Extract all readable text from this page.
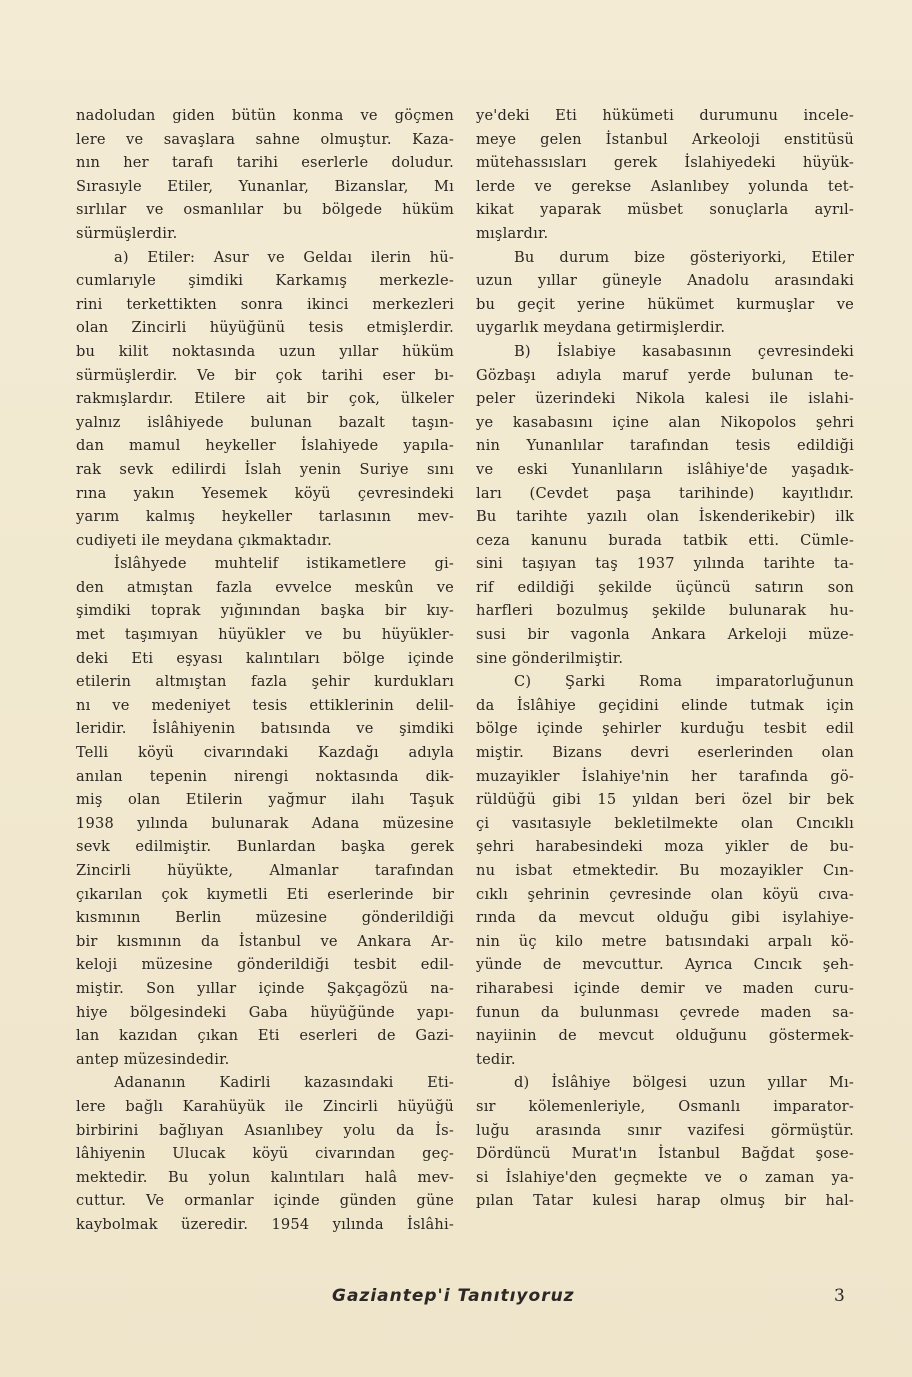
nadoludan giden bütün konma ve göçmen
lere ve savaşlara sahne olmuştur. Kaza-
nın her tarafı tarihi eserlerle doludur.
Sırasıyle Etiler, Yunanlar, Bizanslar, Mı
sırlılar ve osmanlılar bu bölgede hüküm
sürmüşlerdir.
a) Etiler: Asur ve Geldaı ilerin hü-
cumlarıyle şimdiki Karkamış merkezle-
rini terkettikten sonra ikinci merkezleri
olan Zincirli hüyüğünü tesis etmişlerdir.
bu kilit noktasında uzun yıllar hüküm
sürmüşlerdir. Ve bir çok tarihi eser bı-
rakmışlardır. Etilere ait bir çok, ülkeler
yalnız islâhiyede bulunan bazalt taşın-
dan mamul heykeller İslahiyede yapıla-
rak sevk edilirdi İslah yenin Suriye sını
rına yakın Yesemek köyü çevresindeki
yarım kalmış heykeller tarlasının mev-
cudiyeti ile meydana çıkmaktadır.
İslâhyede muhtelif istikametlere gi-
den atmıştan fazla evvelce meskûn ve
şimdiki toprak yığınından başka bir kıy-
met taşımıyan hüyükler ve bu hüyükler-
deki Eti eşyası kalıntıları bölge içinde
etilerin altmıştan fazla şehir kurdukları
nı ve medeniyet tesis ettiklerinin delil-
leridir. İslâhiyenin batısında ve şimdiki
Telli köyü civarındaki Kazdağı adıyla
anılan tepenin nirengi noktasında dik-
miş olan Etilerin yağmur ilahı Taşuk
1938 yılında bulunarak Adana müzesine
sevk edilmiştir. Bunlardan başka gerek
Zincirli hüyükte, Almanlar tarafından
çıkarılan çok kıymetli Eti eserlerinde bir
kısmının Berlin müzesine gönderildiği
bir kısmının da İstanbul ve Ankara Ar-
keloji müzesine gönderildiği tesbit edil-
miştir. Son yıllar içinde Şakçagözü na-
hiye bölgesindeki Gaba hüyüğünde yapı-
lan kazıdan çıkan Eti eserleri de Gazi-
antep müzesindedir.
Adananın Kadirli kazasındaki Eti-
lere bağlı Karahüyük ile Zincirli hüyüğü
birbirini bağlıyan Asıanlıbey yolu da İs-
lâhiyenin Ulucak köyü civarından geç-
mektedir. Bu yolun kalıntıları halâ mev-
cuttur. Ve ormanlar içinde günden güne
kaybolmak üzeredir. 1954 yılında İslâhi-
ye'deki Eti hükümeti durumunu incele-
meye gelen İstanbul Arkeoloji enstitüsü
mütehassısları gerek İslahiyedeki hüyük-
lerde ve gerekse Aslanlıbey yolunda tet-
kikat yaparak müsbet sonuçlarla ayrıl-
mışlardır.
Bu durum bize gösteriyorki, Etiler
uzun yıllar güneyle Anadolu arasındaki
bu geçit yerine hükümet kurmuşlar ve
uygarlık meydana getirmişlerdir.
B) İslabiye kasabasının çevresindeki
Gözbaşı adıyla maruf yerde bulunan te-
peler üzerindeki Nikola kalesi ile islahi-
ye kasabasını içine alan Nikopolos şehri
nin Yunanlılar tarafından tesis edildiği
ve eski Yunanlıların islâhiye'de yaşadık-
ları (Cevdet paşa tarihinde) kayıtlıdır.
Bu tarihte yazılı olan İskenderikebir) ilk
ceza kanunu burada tatbik etti. Cümle-
sini taşıyan taş 1937 yılında tarihte ta-
rif edildiği şekilde üçüncü satırın son
harfleri bozulmuş şekilde bulunarak hu-
susi bir vagonla Ankara Arkeloji müze-
sine gönderilmiştir.
C) Şarki Roma imparatorluğunun
da İslâhiye geçidini elinde tutmak için
bölge içinde şehirler kurduğu tesbit edil
miştir. Bizans devri eserlerinden olan
muzayikler İslahiye'nin her tarafında gö-
rüldüğü gibi 15 yıldan beri özel bir bek
çi vasıtasıyle bekletilmekte olan Cıncıklı
şehri harabesindeki moza yikler de bu-
nu isbat etmektedir. Bu mozayikler Cın-
cıklı şehrinin çevresinde olan köyü cıva-
rında da mevcut olduğu gibi isylahiye-
nin üç kilo metre batısındaki arpalı kö-
yünde de mevcuttur. Ayrıca Cıncık şeh-
riharabesi içinde demir ve maden curu-
funun da bulunması çevrede maden sa-
nayiinin de mevcut olduğunu göstermek-
tedir.
d) İslâhiye bölgesi uzun yıllar Mı-
sır kölemenleriyle, Osmanlı imparator-
luğu arasında sınır vazifesi görmüştür.
Dördüncü Murat'ın İstanbul Bağdat şose-
si İslahiye'den geçmekte ve o zaman ya-
pılan Tatar kulesi harap olmuş bir hal-
Gaziantep'i Tanıtıyoruz	3
